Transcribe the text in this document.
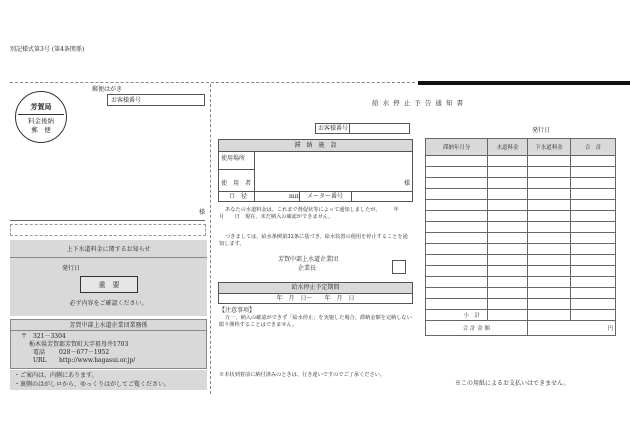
別記様式第3号 (第4条関係)
郵便はがき
お客様番号
芳賀局
料金後納
郵　便
様
上下水道料金に関するお知らせ
発行日
重　要
必ず内容をご確認ください。
芳賀中部上水道企業団業務係
〒　321－3304
栃木県芳賀郡芳賀町大字祖母井1703
電話 028－677－1952
URL http://www.hagasui.or.jp/
・ご案内は、内側にあります。
・裏側のはがしロから、ゆっくりはがしてご覧ください。
給 水 停 止 予 告 通 知 書
お客様番号
滞　納　施　設
使用場所
使　用　者	様
口　径	mm メーター番号
あなたの水道料金は、これまで督促状等によって通知しましたが、　　　年　　月　　日　現在、未だ納入の確認ができません。
つきましては、給水条例第32条に基づき、給水装置の使用を停止することを通知します。
芳賀中部上水道企業団
企業長
給水停止予定期間
年　月　日～　　年　月　日
【注意事項】
万一、納入の確認ができず「給水停止」を実施した場合、滞納金額を完納しない限り開栓することはできません。
※本状到着前に納付済みのときは、行き違いですのでご了承ください。
発行日
滞納年月分	水道料金	下水道料金	合　計

小　計			
合 計 金 額		円	
※この用紙によるお支払いはできません。
